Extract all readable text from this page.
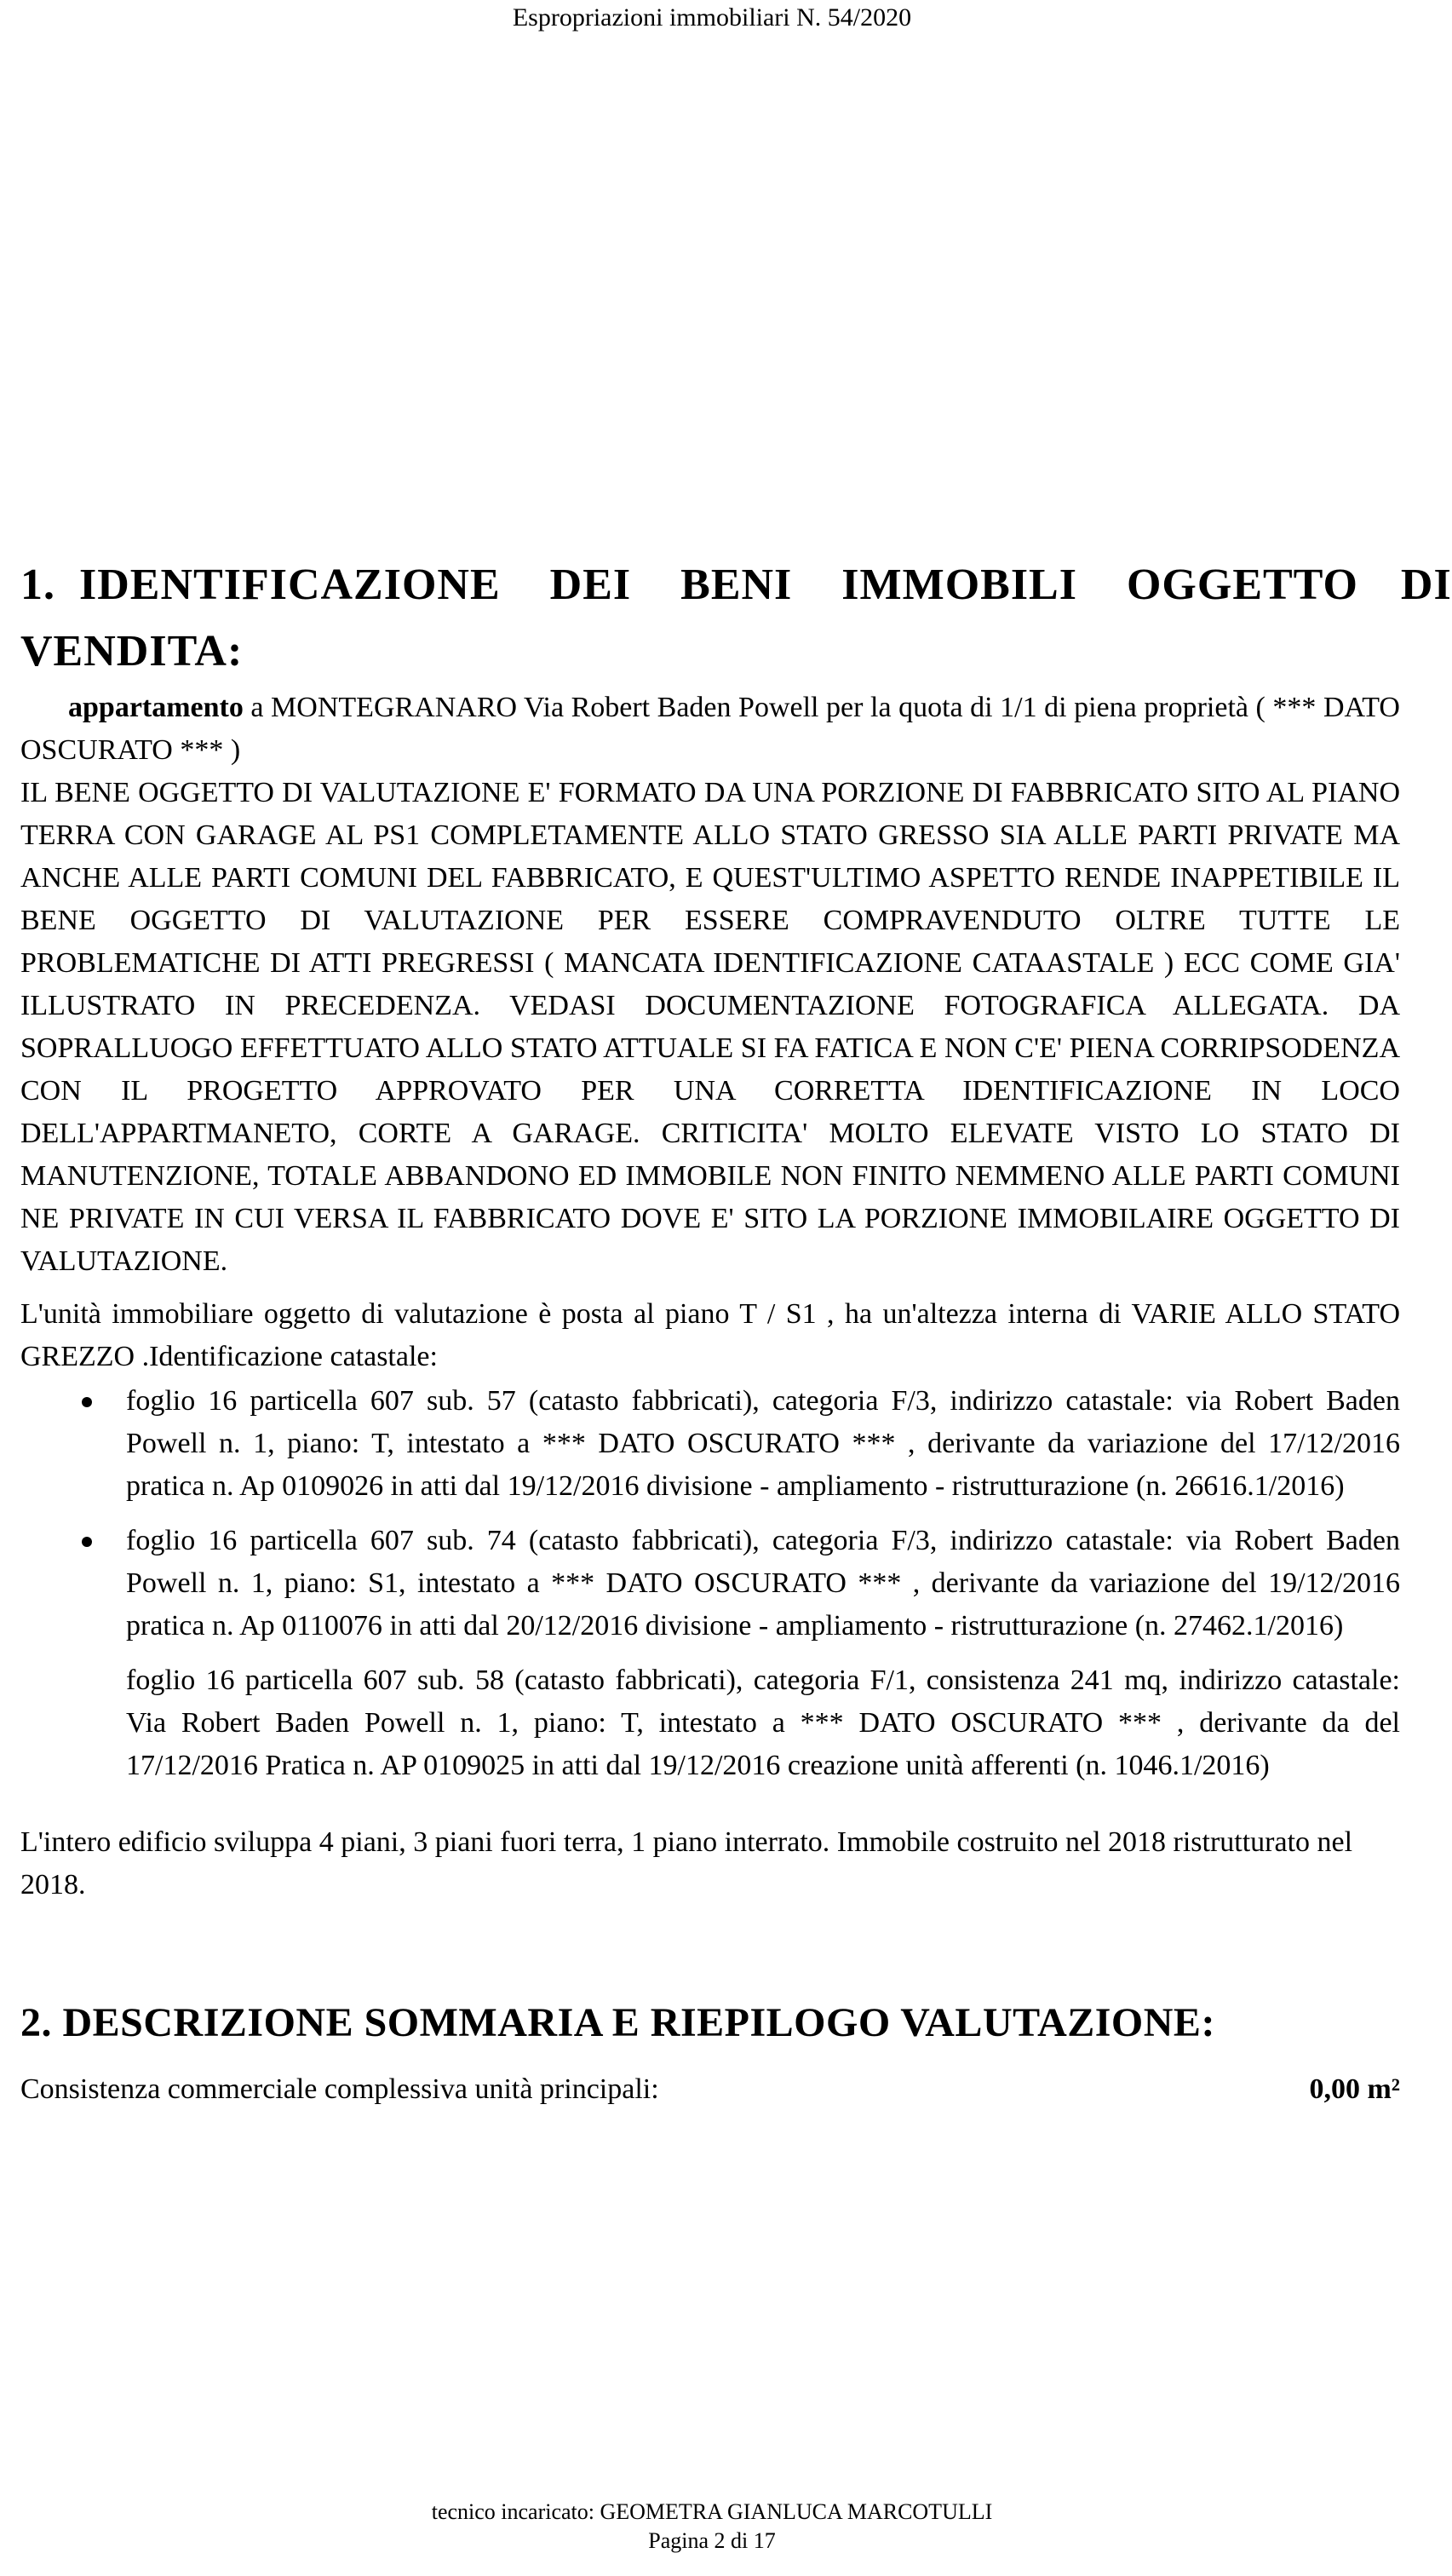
Espropriazioni immobiliari N. 54/2020
1. IDENTIFICAZIONE DEI BENI IMMOBILI OGGETTO DI
VENDITA:

appartamento a MONTEGRANARO Via Robert Baden Powell per la quota di 1/1 di piena proprietà ( *** DATO OSCURATO *** )

IL BENE OGGETTO DI VALUTAZIONE E' FORMATO DA UNA PORZIONE DI FABBRICATO SITO AL PIANO TERRA CON GARAGE AL PS1 COMPLETAMENTE ALLO STATO GRESSO SIA ALLE PARTI PRIVATE MA ANCHE ALLE PARTI COMUNI DEL FABBRICATO, E QUEST'ULTIMO ASPETTO RENDE INAPPETIBILE IL BENE OGGETTO DI VALUTAZIONE PER ESSERE COMPRAVENDUTO OLTRE TUTTE LE PROBLEMATICHE DI ATTI PREGRESSI ( MANCATA IDENTIFICAZIONE CATAASTALE ) ECC COME GIA' ILLUSTRATO IN PRECEDENZA. VEDASI DOCUMENTAZIONE FOTOGRAFICA ALLEGATA. DA SOPRALLUOGO EFFETTUATO ALLO STATO ATTUALE SI FA FATICA E NON C'E' PIENA CORRIPSODENZA CON IL PROGETTO APPROVATO PER UNA CORRETTA IDENTIFICAZIONE IN LOCO DELL'APPARTMANETO, CORTE A GARAGE. CRITICITA' MOLTO ELEVATE VISTO LO STATO DI MANUTENZIONE, TOTALE ABBANDONO ED IMMOBILE NON FINITO NEMMENO ALLE PARTI COMUNI NE PRIVATE IN CUI VERSA IL FABBRICATO DOVE E' SITO LA PORZIONE IMMOBILAIRE OGGETTO DI VALUTAZIONE.

L'unità immobiliare oggetto di valutazione è posta al piano T / S1 , ha un'altezza interna di VARIE ALLO STATO GREZZO .Identificazione catastale:

foglio 16 particella 607 sub. 57 (catasto fabbricati), categoria F/3, indirizzo catastale: via Robert Baden Powell n. 1, piano: T, intestato a *** DATO OSCURATO *** , derivante da variazione del 17/12/2016 pratica n. Ap 0109026 in atti dal 19/12/2016 divisione - ampliamento - ristrutturazione (n. 26616.1/2016)
foglio 16 particella 607 sub. 74 (catasto fabbricati), categoria F/3, indirizzo catastale: via Robert Baden Powell n. 1, piano: S1, intestato a *** DATO OSCURATO *** , derivante da variazione del 19/12/2016 pratica n. Ap 0110076 in atti dal 20/12/2016 divisione - ampliamento - ristrutturazione (n. 27462.1/2016)

foglio 16 particella 607 sub. 58 (catasto fabbricati), categoria F/1, consistenza 241 mq, indirizzo catastale: Via Robert Baden Powell n. 1, piano: T, intestato a *** DATO OSCURATO *** , derivante da del 17/12/2016 Pratica n. AP 0109025 in atti dal 19/12/2016 creazione unità afferenti (n. 1046.1/2016)

L'intero edificio sviluppa 4 piani, 3 piani fuori terra, 1 piano interrato. Immobile costruito nel 2018 ristrutturato nel 2018.

2. DESCRIZIONE SOMMARIA E RIEPILOGO VALUTAZIONE:
Consistenza commerciale complessiva unità principali:	0,00 m²
tecnico incaricato: GEOMETRA GIANLUCA MARCOTULLI
Pagina 2 di 17
